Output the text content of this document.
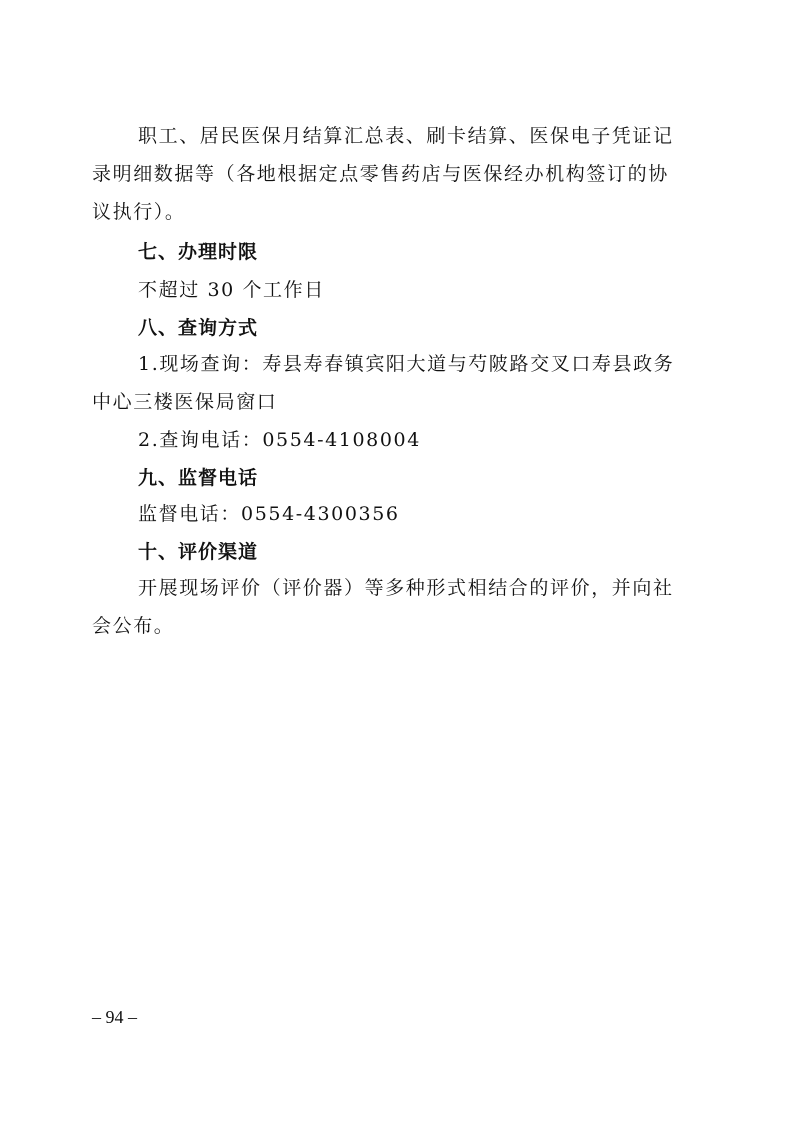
职工、居民医保月结算汇总表、刷卡结算、医保电子凭证记
录明细数据等（各地根据定点零售药店与医保经办机构签订的协
议执行）。
七、办理时限
不超过 30 个工作日
八、查询方式
1.现场查询：寿县寿春镇宾阳大道与芍陂路交叉口寿县政务
中心三楼医保局窗口
2.查询电话：0554-4108004
九、监督电话
监督电话：0554-4300356
十、评价渠道
开展现场评价（评价器）等多种形式相结合的评价，并向社
会公布。
– 94 –
